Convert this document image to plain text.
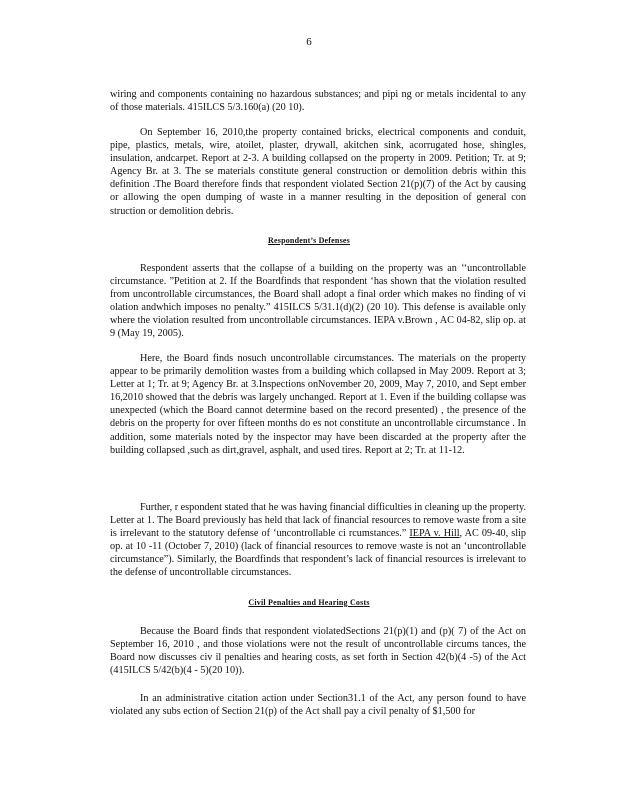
6

wiring and components containing no hazardous substances; and pipi ng or metals incidental to any of those materials. 415ILCS 5/3.160(a) (20 10).

On September 16, 2010,the property contained bricks, electrical components and conduit, pipe, plastics, metals, wire, atoilet, plaster, drywall, akitchen sink, acorrugated hose, shingles, insulation, andcarpet. Report at 2-3. A building collapsed on the property in 2009. Petition; Tr. at 9; Agency Br. at 3. The se materials constitute general construction or demolition debris within this definition .The Board therefore finds that respondent violated Section 21(p)(7) of the Act by causing or allowing the open dumping of waste in a manner resulting in the deposition of general con struction or demolition debris.

Respondent’s Defenses

Respondent asserts that the collapse of a building on the property was an ‘‘uncontrollable circumstance. ”Petition at 2. If the Boardfinds that respondent ‘has shown that the violation resulted from uncontrollable circumstances, the Board shall adopt a final order which makes no finding of vi olation andwhich imposes no penalty.” 415ILCS 5/31.1(d)(2) (20 10). This defense is available only where the violation resulted from uncontrollable circumstances. IEPA v.Brown , AC 04-82, slip op. at 9 (May 19, 2005).

Here, the Board finds nosuch uncontrollable circumstances. The materials on the property appear to be primarily demolition wastes from a building which collapsed in May 2009. Report at 3; Letter at 1; Tr. at 9; Agency Br. at 3.Inspections onNovember 20, 2009, May 7, 2010, and Sept ember 16,2010 showed that the debris was largely unchanged. Report at 1. Even if the building collapse was unexpected (which the Board cannot determine based on the record presented) , the presence of the debris on the property for over fifteen months do es not constitute an uncontrollable circumstance . In addition, some materials noted by the inspector may have been discarded at the property after the building collapsed ,such as dirt,gravel, asphalt, and used tires. Report at 2; Tr. at 11-12.

Further, r espondent stated that he was having financial difficulties in cleaning up the property. Letter at 1. The Board previously has held that lack of financial resources to remove waste from a site is irrelevant to the statutory defense of ‘uncontrollable ci rcumstances.” IEPA v. Hill, AC 09-40, slip op. at 10 -11 (October 7, 2010) (lack of financial resources to remove waste is not an ‘uncontrollable circumstance”). Similarly, the Boardfinds that respondent’s lack of financial resources is irrelevant to the defense of uncontrollable circumstances.

Civil Penalties and Hearing Costs

Because the Board finds that respondent violatedSections 21(p)(1) and (p)( 7) of the Act on September 16, 2010 , and those violations were not the result of uncontrollable circums tances, the Board now discusses civ il penalties and hearing costs, as set forth in Section 42(b)(4 -5) of the Act (415ILCS 5/42(b)(4 - 5)(20 10)).

In an administrative citation action under Section31.1 of the Act, any person found to have violated any subs ection of Section 21(p) of the Act shall pay a civil penalty of $1,500 for
